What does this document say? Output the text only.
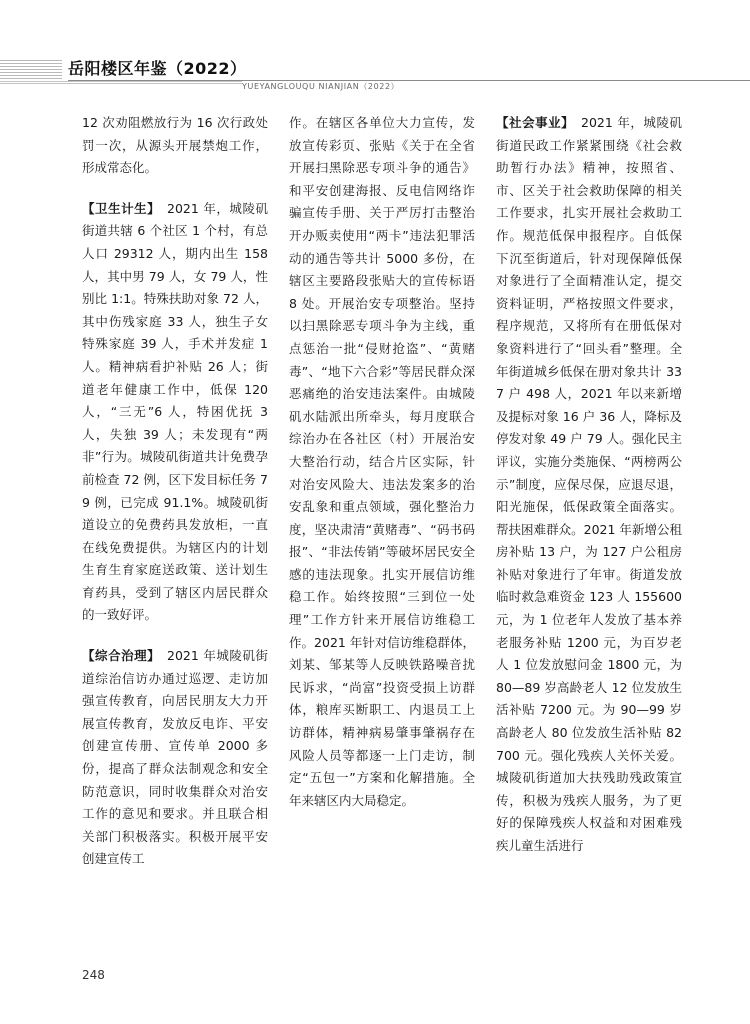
岳阳楼区年鉴（2022）
YUEYANGLOUQU NIANJIAN（2022）

12 次劝阻燃放行为 16 次行政处罚一次，从源头开展禁炮工作，形成常态化。

【卫生计生】　2021 年，城陵矶街道共辖 6 个社区 1 个村，有总人口 29312 人，期内出生 158 人，其中男 79 人，女 79 人，性别比 1:1。特殊扶助对象 72 人，其中伤残家庭 33 人，独生子女特殊家庭 39 人，手术并发症 1 人。精神病看护补贴 26 人；街道老年健康工作中，低保 120 人，“三无”6 人，特困优抚 3 人，失独 39 人；未发现有“两非”行为。城陵矶街道共计免费孕前检查 72 例，区下发目标任务 79 例，已完成 91.1%。城陵矶街道设立的免费药具发放柜，一直在线免费提供。为辖区内的计划生育生育家庭送政策、送计划生育药具，受到了辖区内居民群众的一致好评。

【综合治理】　2021 年城陵矶街道综治信访办通过巡逻、走访加强宣传教育，向居民朋友大力开展宣传教育，发放反电诈、平安创建宣传册、宣传单 2000 多份，提高了群众法制观念和安全防范意识，同时收集群众对治安工作的意见和要求。并且联合相关部门积极落实。积极开展平安创建宣传工

作。在辖区各单位大力宣传，发放宣传彩页、张贴《关于在全省开展扫黑除恶专项斗争的通告》和平安创建海报、反电信网络诈骗宣传手册、关于严厉打击整治开办贩卖使用“两卡”违法犯罪活动的通告等共计 5000 多份，在辖区主要路段张贴大的宣传标语 8 处。开展治安专项整治。坚持以扫黑除恶专项斗争为主线，重点惩治一批“侵财抢盗”、“黄赌毒”、“地下六合彩”等居民群众深恶痛绝的治安违法案件。由城陵矶水陆派出所牵头，每月度联合综治办在各社区（村）开展治安大整治行动，结合片区实际，针对治安风险大、违法发案多的治安乱象和重点领域，强化整治力度，坚决肃清“黄赌毒”、“码书码报”、“非法传销”等破坏居民安全感的违法现象。扎实开展信访维稳工作。始终按照“三到位一处理”工作方针来开展信访维稳工作。2021 年针对信访维稳群体，刘某、邹某等人反映铁路噪音扰民诉求，“尚富”投资受损上访群体，粮库买断职工、内退员工上访群体，精神病易肇事肇祸存在风险人员等都逐一上门走访，制定“五包一”方案和化解措施。全年来辖区内大局稳定。

【社会事业】　2021 年，城陵矶街道民政工作紧紧围绕《社会救助暂行办法》精神，按照省、市、区关于社会救助保障的相关工作要求，扎实开展社会救助工作。规范低保申报程序。自低保下沉至街道后，针对现保障低保对象进行了全面精准认定，提交资料证明，严格按照文件要求，程序规范，又将所有在册低保对象资料进行了“回头看”整理。全年街道城乡低保在册对象共计 337 户 498 人，2021 年以来新增及提标对象 16 户 36 人，降标及停发对象 49 户 79 人。强化民主评议，实施分类施保、“两榜两公示”制度，应保尽保，应退尽退，阳光施保，低保政策全面落实。帮扶困难群众。2021 年新增公租房补贴 13 户，为 127 户公租房补贴对象进行了年审。街道发放临时救急难资金 123 人 155600 元，为 1 位老年人发放了基本养老服务补贴 1200 元，为百岁老人 1 位发放慰问金 1800 元，为 80—89 岁高龄老人 12 位发放生活补贴 7200 元。为 90—99 岁高龄老人 80 位发放生活补贴 82700 元。强化残疾人关怀关爱。城陵矶街道加大扶残助残政策宣传，积极为残疾人服务，为了更好的保障残疾人权益和对困难残疾儿童生活进行

248
